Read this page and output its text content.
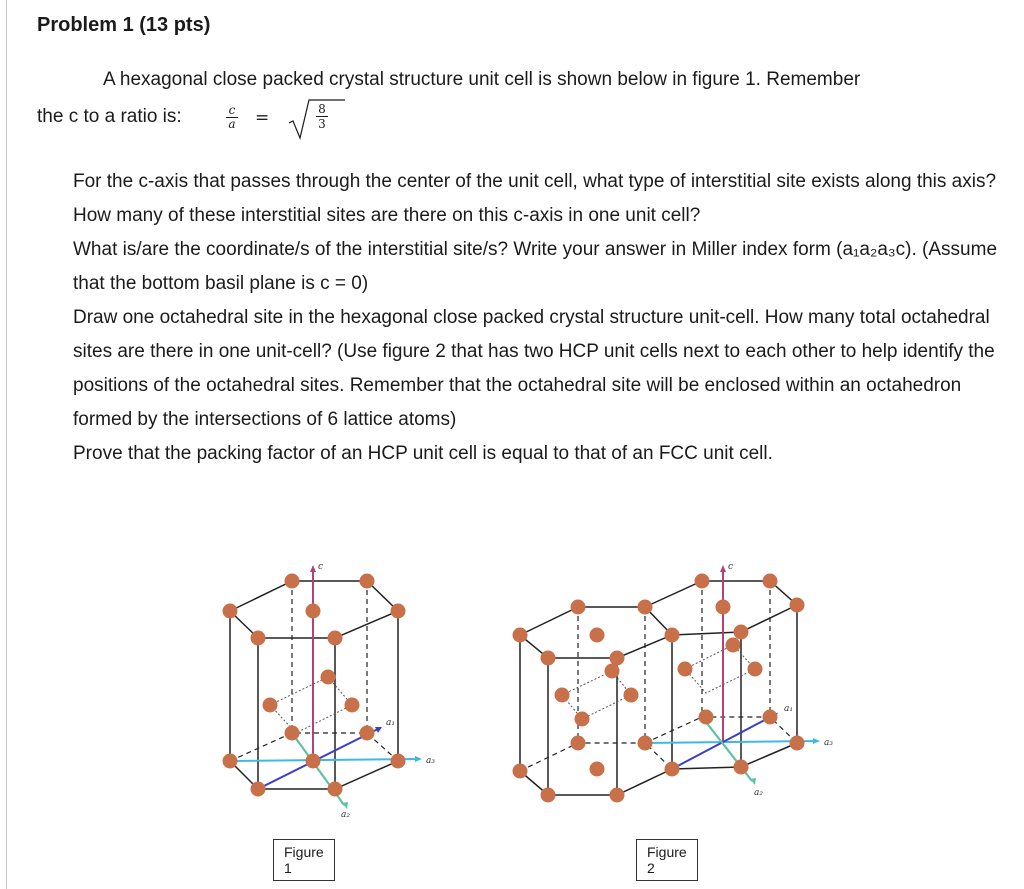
Problem 1 (13 pts)
A hexagonal close packed crystal structure unit cell is shown below in figure 1. Remember
the c to a ratio is:	$\frac{c}{a}$ =	$\frac{8}{3}$

For the c-axis that passes through the center of the unit cell, what type of interstitial site exists along this axis?

How many of these interstitial sites are there on this c-axis in one unit cell?

What is/are the coordinate/s of the interstitial site/s? Write your answer in Miller index form (a₁a₂a₃c). (Assume that the bottom basil plane is c = 0)

Draw one octahedral site in the hexagonal close packed crystal structure unit-cell. How many total octahedral sites are there in one unit-cell? (Use figure 2 that has two HCP unit cells next to each other to help identify the positions of the octahedral sites. Remember that the octahedral site will be enclosed within an octahedron formed by the intersections of 6 lattice atoms)

Prove that the packing factor of an HCP unit cell is equal to that of an FCC unit cell.

c
a₁
a₂
a₃
c
a₁
a₂
a₃
Figure 1
Figure 2
